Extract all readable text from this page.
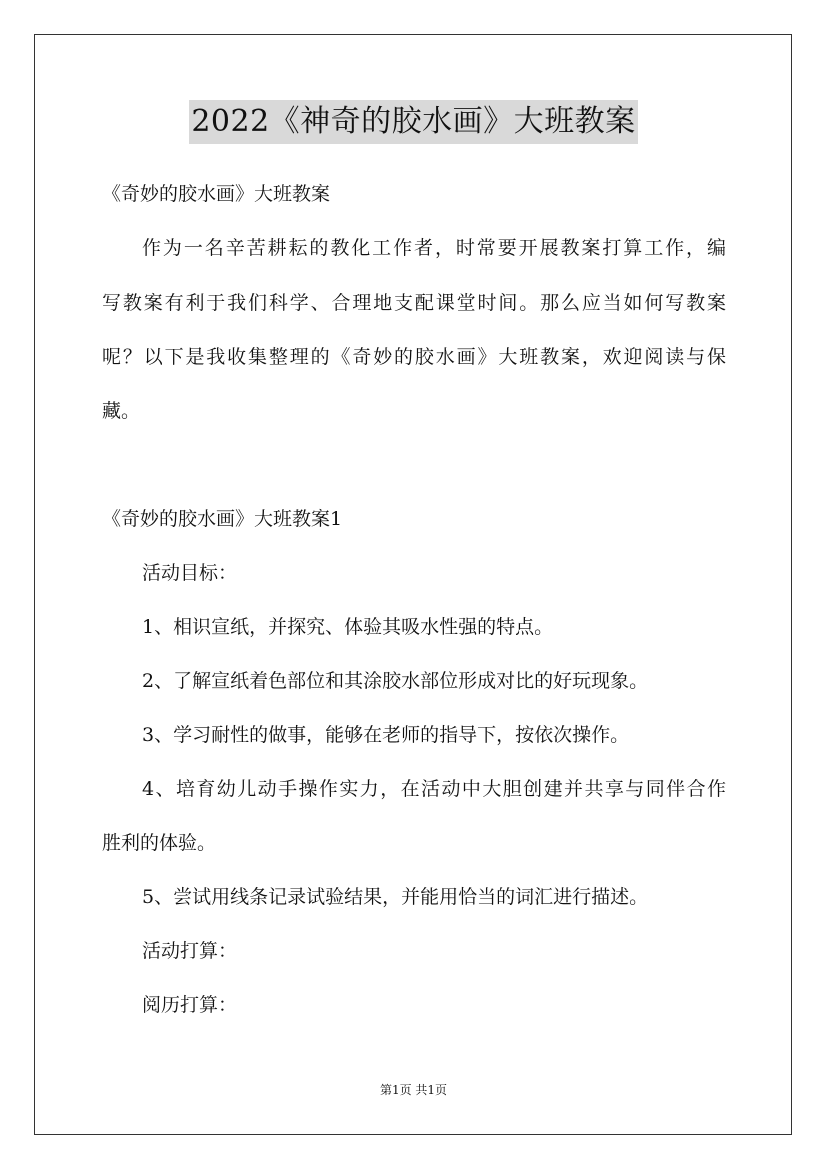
2022《神奇的胶水画》大班教案
《奇妙的胶水画》大班教案
作为一名辛苦耕耘的教化工作者，时常要开展教案打算工作，编
写教案有利于我们科学、合理地支配课堂时间。那么应当如何写教案
呢？以下是我收集整理的《奇妙的胶水画》大班教案，欢迎阅读与保
藏。
《奇妙的胶水画》大班教案1
活动目标：
1、相识宣纸，并探究、体验其吸水性强的特点。
2、了解宣纸着色部位和其涂胶水部位形成对比的好玩现象。
3、学习耐性的做事，能够在老师的指导下，按依次操作。
4、培育幼儿动手操作实力，在活动中大胆创建并共享与同伴合作
胜利的体验。
5、尝试用线条记录试验结果，并能用恰当的词汇进行描述。
活动打算：
阅历打算：
第1页 共1页
